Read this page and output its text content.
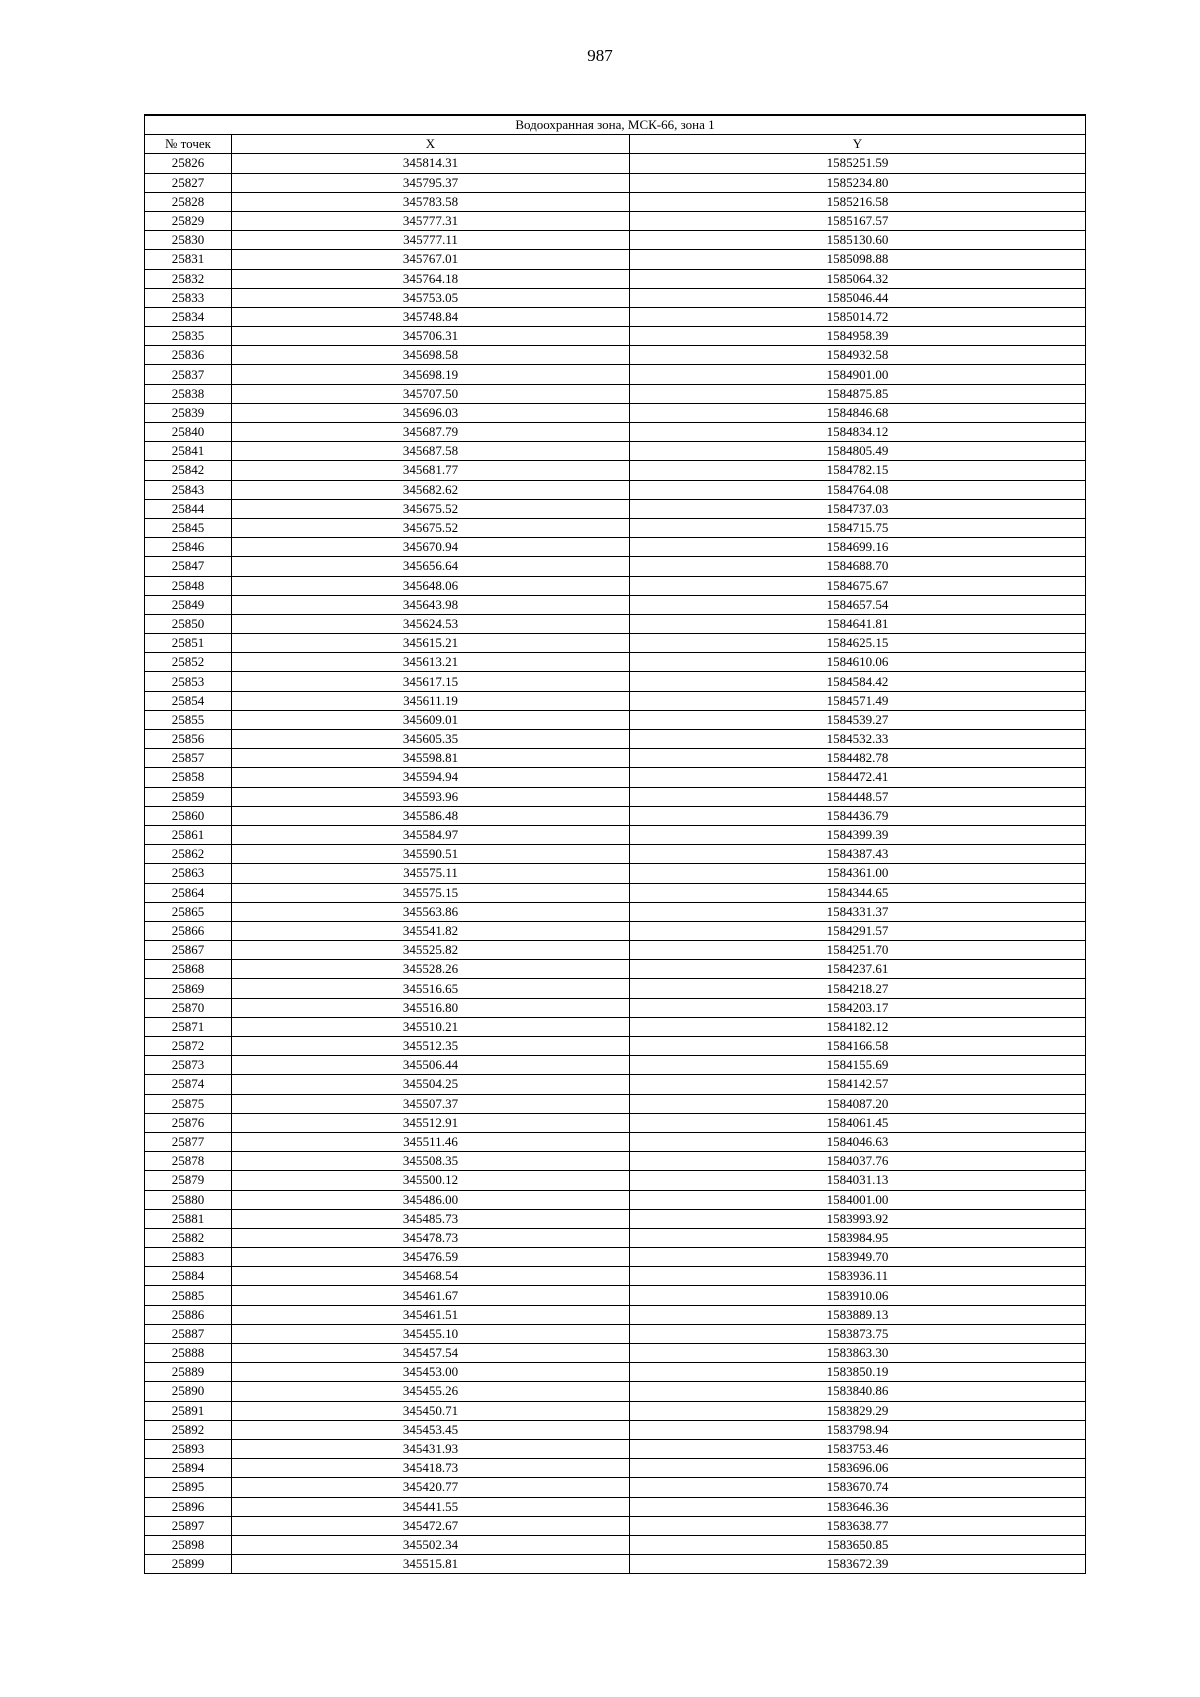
987
Водоохранная зона, МСК-66, зона 1		
№ точек	X	Y
25826	345814.31	1585251.59
25827	345795.37	1585234.80
25828	345783.58	1585216.58
25829	345777.31	1585167.57
25830	345777.11	1585130.60
25831	345767.01	1585098.88
25832	345764.18	1585064.32
25833	345753.05	1585046.44
25834	345748.84	1585014.72
25835	345706.31	1584958.39
25836	345698.58	1584932.58
25837	345698.19	1584901.00
25838	345707.50	1584875.85
25839	345696.03	1584846.68
25840	345687.79	1584834.12
25841	345687.58	1584805.49
25842	345681.77	1584782.15
25843	345682.62	1584764.08
25844	345675.52	1584737.03
25845	345675.52	1584715.75
25846	345670.94	1584699.16
25847	345656.64	1584688.70
25848	345648.06	1584675.67
25849	345643.98	1584657.54
25850	345624.53	1584641.81
25851	345615.21	1584625.15
25852	345613.21	1584610.06
25853	345617.15	1584584.42
25854	345611.19	1584571.49
25855	345609.01	1584539.27
25856	345605.35	1584532.33
25857	345598.81	1584482.78
25858	345594.94	1584472.41
25859	345593.96	1584448.57
25860	345586.48	1584436.79
25861	345584.97	1584399.39
25862	345590.51	1584387.43
25863	345575.11	1584361.00
25864	345575.15	1584344.65
25865	345563.86	1584331.37
25866	345541.82	1584291.57
25867	345525.82	1584251.70
25868	345528.26	1584237.61
25869	345516.65	1584218.27
25870	345516.80	1584203.17
25871	345510.21	1584182.12
25872	345512.35	1584166.58
25873	345506.44	1584155.69
25874	345504.25	1584142.57
25875	345507.37	1584087.20
25876	345512.91	1584061.45
25877	345511.46	1584046.63
25878	345508.35	1584037.76
25879	345500.12	1584031.13
25880	345486.00	1584001.00
25881	345485.73	1583993.92
25882	345478.73	1583984.95
25883	345476.59	1583949.70
25884	345468.54	1583936.11
25885	345461.67	1583910.06
25886	345461.51	1583889.13
25887	345455.10	1583873.75
25888	345457.54	1583863.30
25889	345453.00	1583850.19
25890	345455.26	1583840.86
25891	345450.71	1583829.29
25892	345453.45	1583798.94
25893	345431.93	1583753.46
25894	345418.73	1583696.06
25895	345420.77	1583670.74
25896	345441.55	1583646.36
25897	345472.67	1583638.77
25898	345502.34	1583650.85
25899	345515.81	1583672.39
